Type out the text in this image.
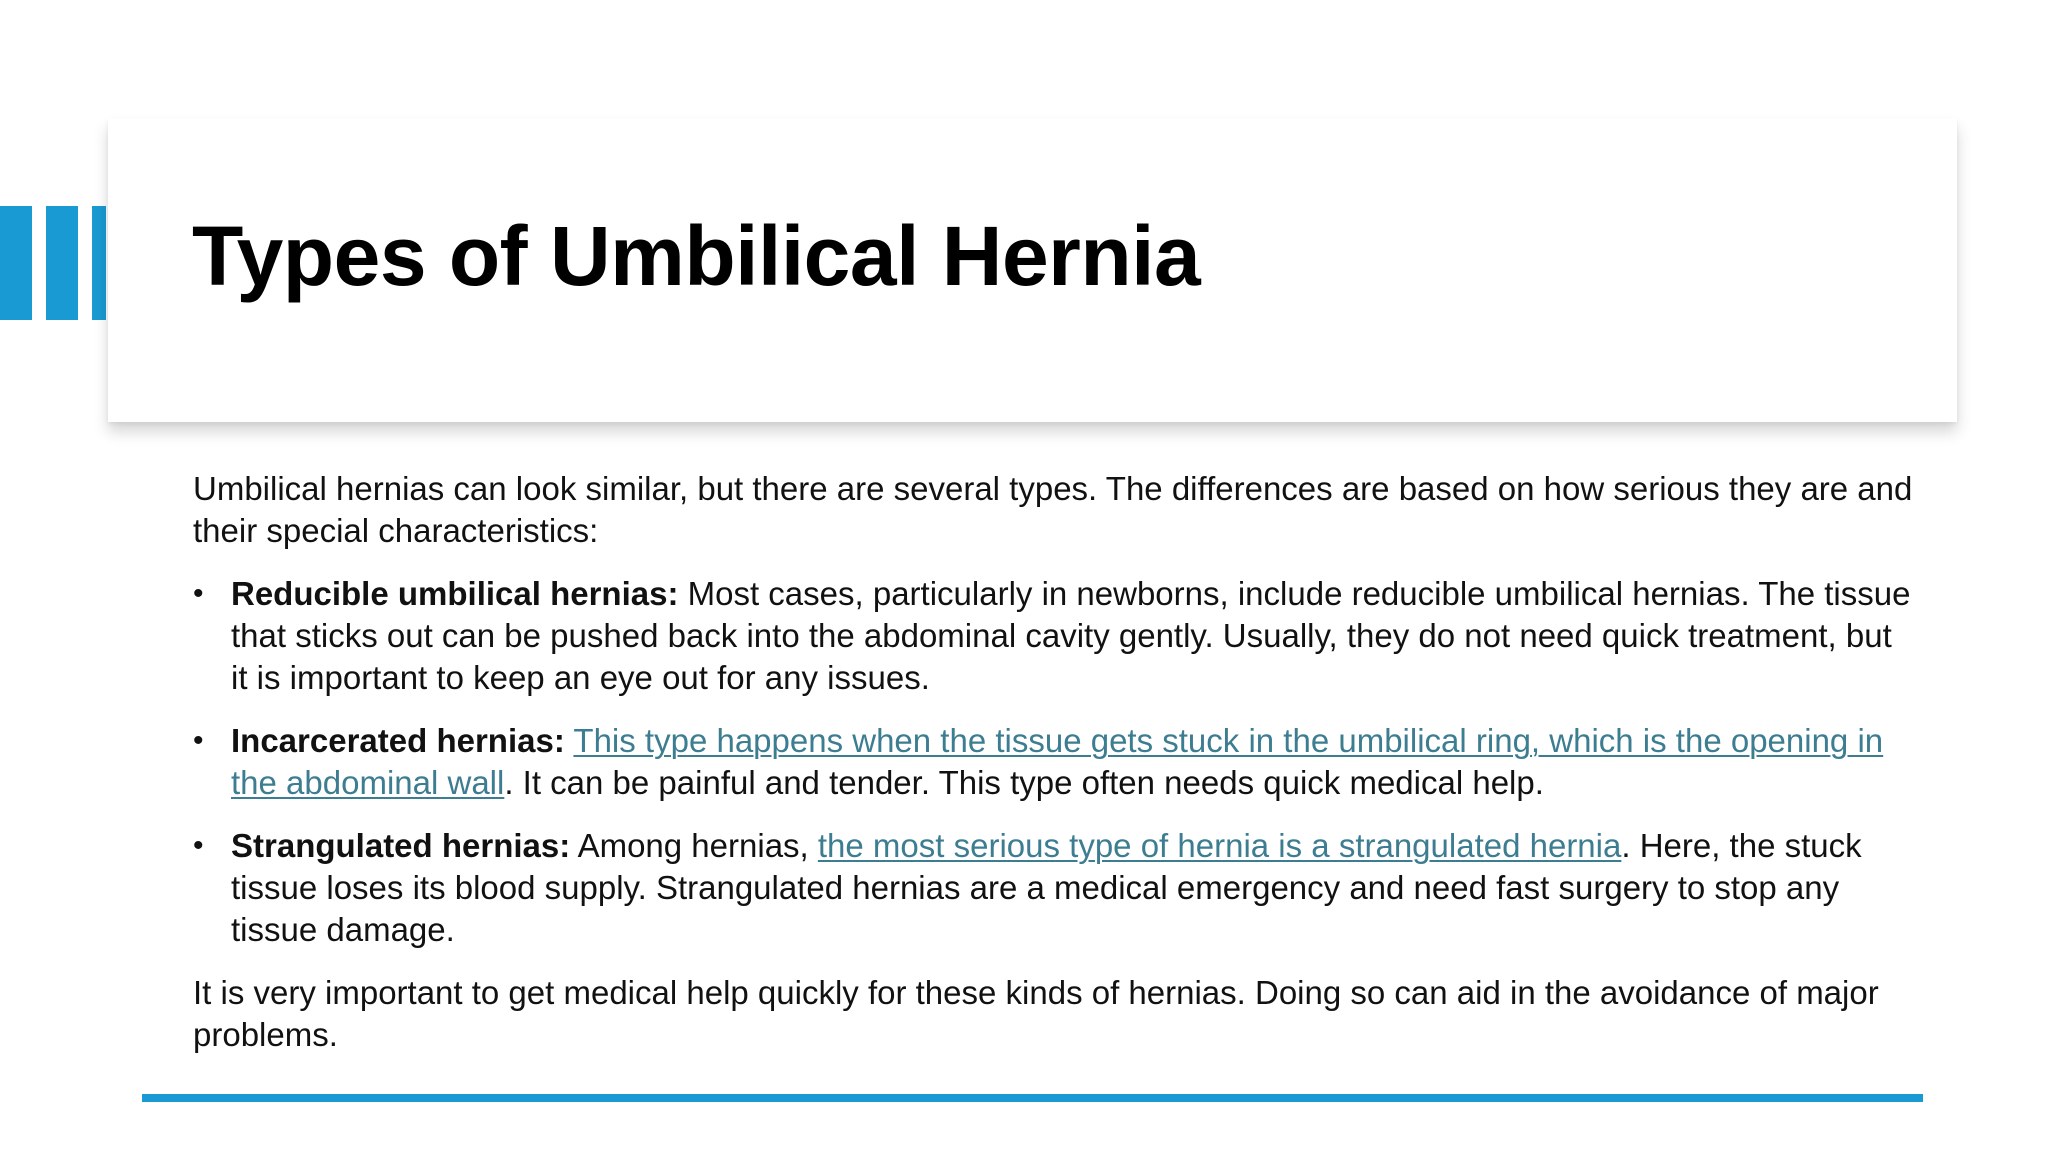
Types of Umbilical Hernia

Umbilical hernias can look similar, but there are several types. The differences are based on how serious they are and their special characteristics:

• Reducible umbilical hernias: Most cases, particularly in newborns, include reducible umbilical hernias. The tissue that sticks out can be pushed back into the abdominal cavity gently. Usually, they do not need quick treatment, but it is important to keep an eye out for any issues.
• Incarcerated hernias: This type happens when the tissue gets stuck in the umbilical ring, which is the opening in the abdominal wall. It can be painful and tender. This type often needs quick medical help.
• Strangulated hernias: Among hernias, the most serious type of hernia is a strangulated hernia. Here, the stuck tissue loses its blood supply. Strangulated hernias are a medical emergency and need fast surgery to stop any tissue damage.

It is very important to get medical help quickly for these kinds of hernias. Doing so can aid in the avoidance of major problems.
